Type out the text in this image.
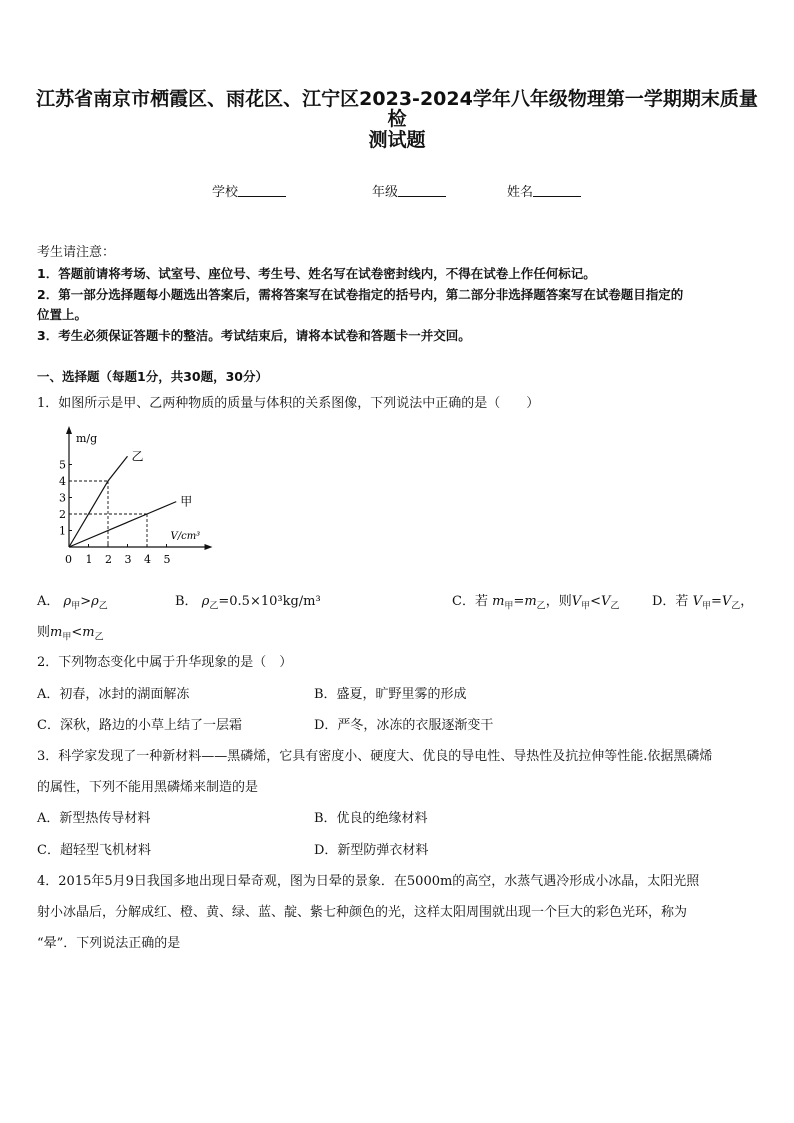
江苏省南京市栖霞区、雨花区、江宁区2023-2024学年八年级物理第一学期期末质量检
测试题
学校	年级	姓名
考生请注意：
1．答题前请将考场、试室号、座位号、考生号、姓名写在试卷密封线内，不得在试卷上作任何标记。
2．第一部分选择题每小题选出答案后，需将答案写在试卷指定的括号内，第二部分非选择题答案写在试卷题目指定的
位置上。
3．考生必须保证答题卡的整洁。考试结束后，请将本试卷和答题卡一并交回。
一、选择题（每题1分，共30题，30分）
1．如图所示是甲、乙两种物质的质量与体积的关系图像，下列说法中正确的是（　　）
m/g
V/cm³
0 1 2 3 4 5
1
2
3
4
5
乙
甲
A． $\rho_甲>\rho_乙$	B． $\rho_乙=0.5\times 10^3kg/m^3$	C．若 $m_甲=m_乙$，则$V_甲<V_乙$	D．若 $V_甲=V_乙$，
则$m_甲<m_乙$
2．下列物态变化中属于升华现象的是（　）
A．初春，冰封的湖面解冻	B．盛夏，旷野里雾的形成
C．深秋，路边的小草上结了一层霜	D．严冬，冰冻的衣服逐渐变干
3．科学家发现了一种新材料——黑磷烯，它具有密度小、硬度大、优良的导电性、导热性及抗拉伸等性能.依据黑磷烯
的属性，下列不能用黑磷烯来制造的是
A．新型热传导材料	B．优良的绝缘材料
C．超轻型飞机材料	D．新型防弹衣材料
4．2015年5月9日我国多地出现日晕奇观，图为日晕的景象．在5000m的高空，水蒸气遇冷形成小冰晶，太阳光照
射小冰晶后，分解成红、橙、黄、绿、蓝、靛、紫七种颜色的光，这样太阳周围就出现一个巨大的彩色光环，称为
“晕”．下列说法正确的是
